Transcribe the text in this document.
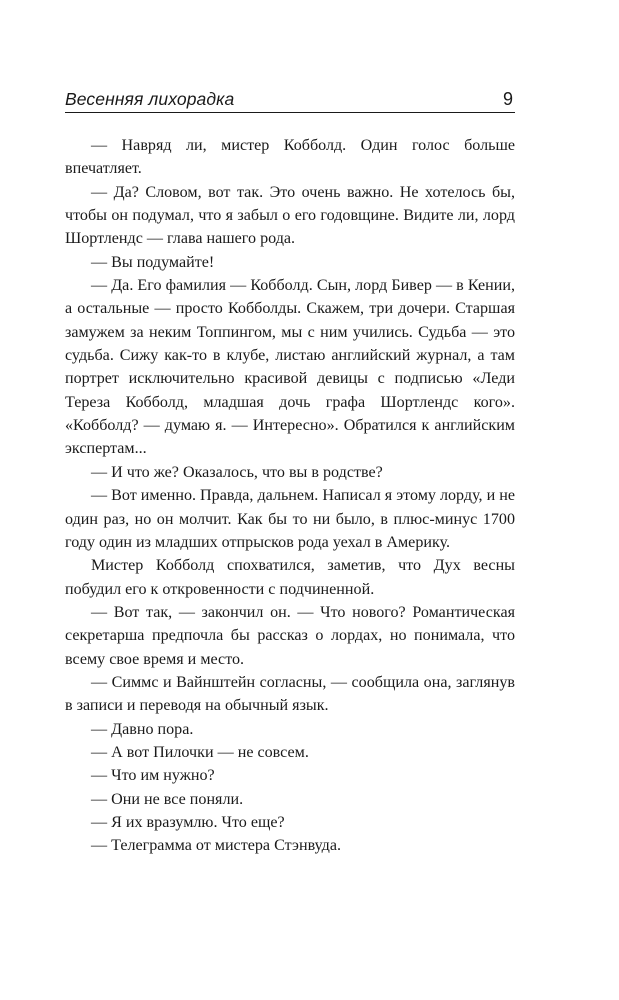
Весенняя лихорадка	9

— Навряд ли, мистер Кобболд. Один голос больше впечатляет.

— Да? Словом, вот так. Это очень важно. Не хотелось бы, чтобы он подумал, что я забыл о его годовщине. Видите ли, лорд Шортлендс — глава нашего рода.

— Вы подумайте!

— Да. Его фамилия — Кобболд. Сын, лорд Бивер — в Кении, а остальные — просто Кобболды. Скажем, три дочери. Старшая замужем за неким Топпингом, мы с ним учились. Судьба — это судьба. Сижу как-то в клубе, листаю английский журнал, а там портрет исключительно красивой девицы с подписью «Леди Тереза Кобболд, младшая дочь графа Шортлендс кого». «Кобболд? — думаю я. — Интересно». Обратился к английским экспертам...

— И что же? Оказалось, что вы в родстве?

— Вот именно. Правда, дальнем. Написал я этому лорду, и не один раз, но он молчит. Как бы то ни было, в плюс-минус 1700 году один из младших отпрысков рода уехал в Америку.

Мистер Кобболд спохватился, заметив, что Дух весны побудил его к откровенности с подчиненной.

— Вот так, — закончил он. — Что нового? Романтическая секретарша предпочла бы рассказ о лордах, но понимала, что всему свое время и место.

— Симмс и Вайнштейн согласны, — сообщила она, заглянув в записи и переводя на обычный язык.

— Давно пора.

— А вот Пилочки — не совсем.

— Что им нужно?

— Они не все поняли.

— Я их вразумлю. Что еще?

— Телеграмма от мистера Стэнвуда.
